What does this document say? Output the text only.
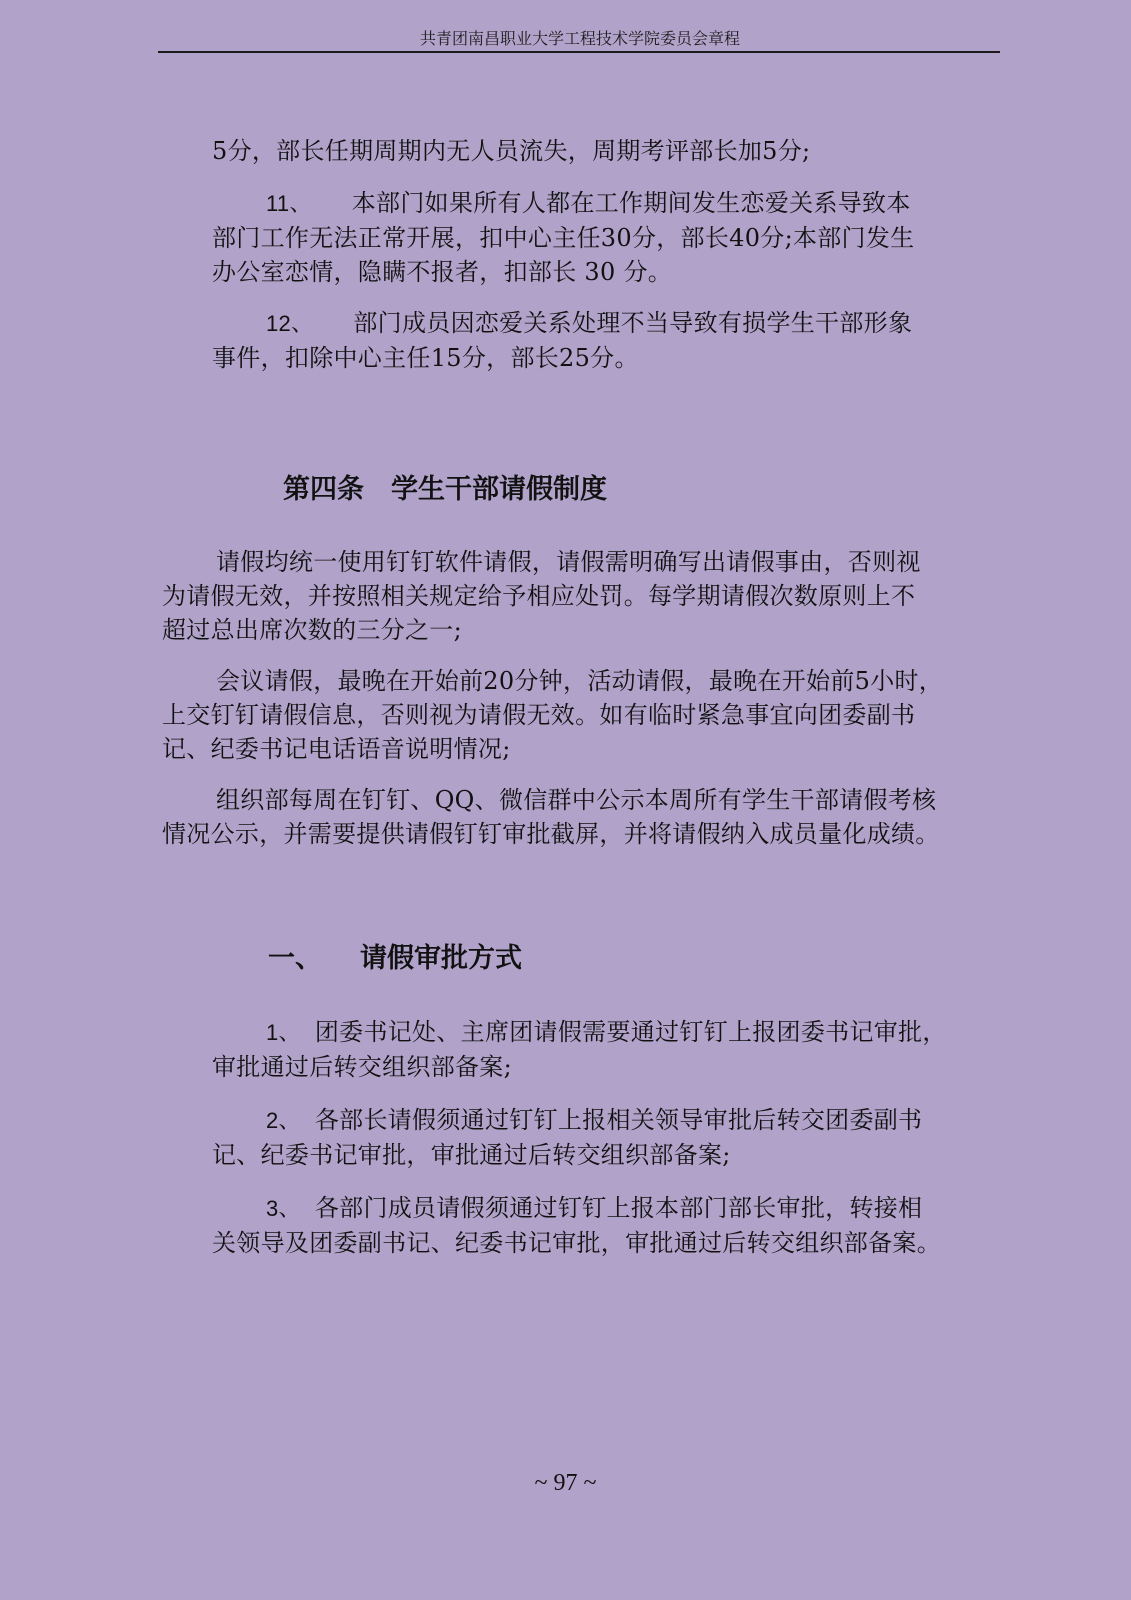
共青团南昌职业大学工程技术学院委员会章程
5分，部长任期周期内无人员流失，周期考评部长加5分;
11、 本部门如果所有人都在工作期间发生恋爱关系导致本
部门工作无法正常开展，扣中心主任30分，部长40分;本部门发生
办公室恋情，隐瞒不报者，扣部长 30 分。
12、 部门成员因恋爱关系处理不当导致有损学生干部形象
事件，扣除中心主任15分，部长25分。
第四条　学生干部请假制度
请假均统一使用钉钉软件请假，请假需明确写出请假事由，否则视
为请假无效，并按照相关规定给予相应处罚。每学期请假次数原则上不
超过总出席次数的三分之一;
会议请假，最晚在开始前20分钟，活动请假，最晚在开始前5小时，
上交钉钉请假信息，否则视为请假无效。如有临时紧急事宜向团委副书
记、纪委书记电话语音说明情况;
组织部每周在钉钉、QQ、微信群中公示本周所有学生干部请假考核
情况公示，并需要提供请假钉钉审批截屏，并将请假纳入成员量化成绩。
一、 请假审批方式
1、 团委书记处、主席团请假需要通过钉钉上报团委书记审批，
审批通过后转交组织部备案;
2、 各部长请假须通过钉钉上报相关领导审批后转交团委副书
记、纪委书记审批，审批通过后转交组织部备案;
3、 各部门成员请假须通过钉钉上报本部门部长审批，转接相
关领导及团委副书记、纪委书记审批，审批通过后转交组织部备案。
~ 97 ~
